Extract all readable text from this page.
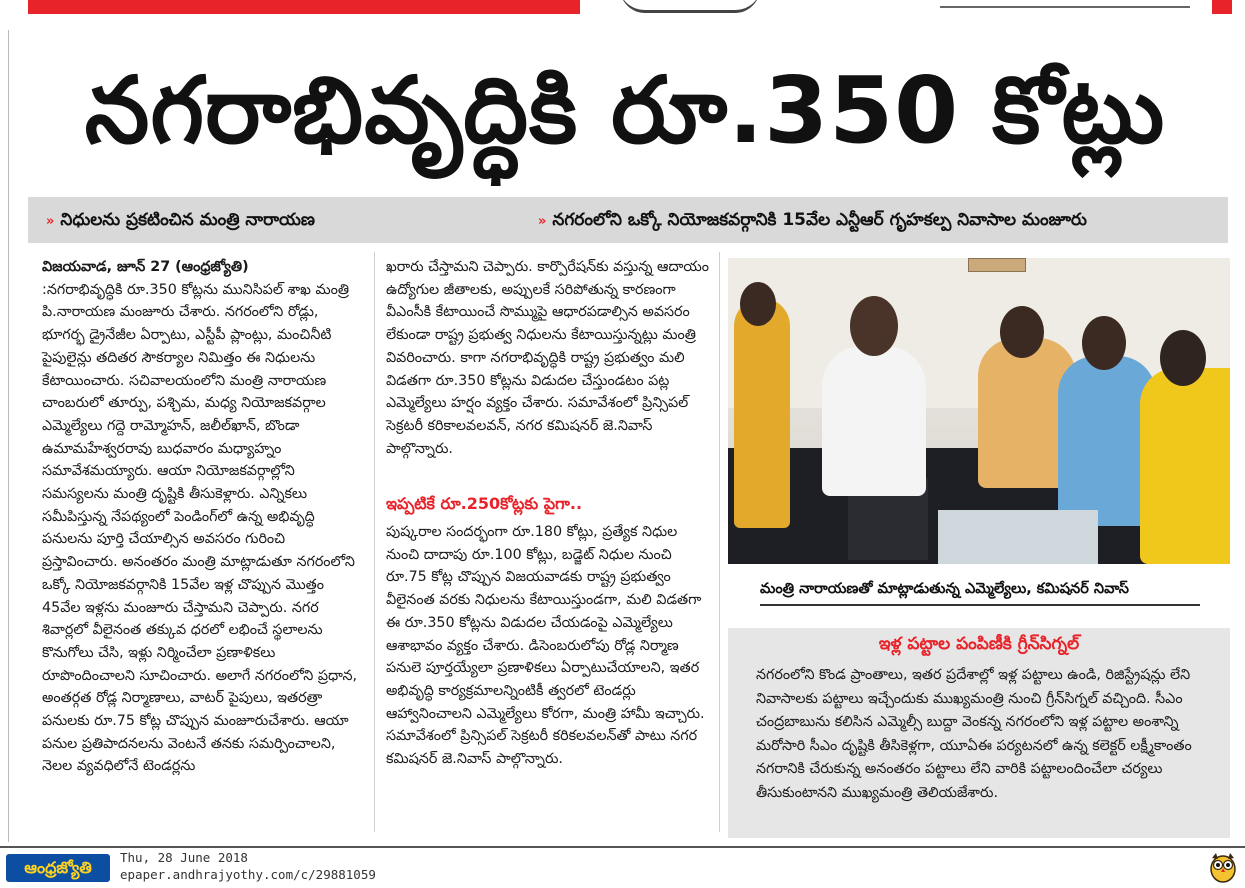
నగరాభివృద్ధికి రూ.350 కోట్లు
» నిధులను ప్రకటించిన మంత్రి నారాయణ	» నగరంలోని ఒక్కో నియోజకవర్గానికి 15వేల ఎన్టీఆర్ గృహకల్ప నివాసాల మంజూరు

విజయవాడ, జూన్ 27 (ఆంధ్రజ్యోతి)
:నగరాభివృద్ధికి రూ.350 కోట్లను మునిసిపల్ శాఖ మంత్రి పి.నారాయణ మంజూరు చేశారు. నగరంలోని రోడ్లు, భూగర్భ డ్రైనేజీల ఏర్పాటు, ఎస్టీపీ ప్లాంట్లు, మంచినీటి పైపులైన్లు తదితర సౌకర్యాల నిమిత్తం ఈ నిధులను కేటాయించారు. సచివాలయంలోని మంత్రి నారాయణ చాంబరులో తూర్పు, పశ్చిమ, మధ్య నియోజకవర్గాల ఎమ్మెల్యేలు గద్దె రామ్మోహన్, జలీల్‌ఖాన్, బొండా ఉమామహేశ్వరరావు బుధవారం మధ్యాహ్నం సమావేశమయ్యారు. ఆయా నియోజకవర్గాల్లోని సమస్యలను మంత్రి దృష్టికి తీసుకెళ్లారు. ఎన్నికలు సమీపిస్తున్న నేపథ్యంలో పెండింగ్‌లో ఉన్న అభివృద్ధి పనులను పూర్తి చేయాల్సిన అవసరం గురించి ప్రస్తావించారు. అనంతరం మంత్రి మాట్లాడుతూ నగరంలోని ఒక్కో నియోజకవర్గానికి 15వేల ఇళ్ల చొప్పున మొత్తం 45వేల ఇళ్లను మంజూరు చేస్తామని చెప్పారు. నగర శివార్లలో వీలైనంత తక్కువ ధరలో లభించే స్థలాలను కొనుగోలు చేసి, ఇళ్లు నిర్మించేలా ప్రణాళికలు రూపొందించాలని సూచించారు. అలాగే నగరంలోని ప్రధాన, అంతర్గత రోడ్ల నిర్మాణాలు, వాటర్ పైపులు, ఇతరత్రా పనులకు రూ.75 కోట్ల చొప్పున మంజూరుచేశారు. ఆయా పనుల ప్రతిపాదనలను వెంటనే తనకు సమర్పించాలని, నెలల వ్యవధిలోనే టెండర్లను

ఖరారు చేస్తామని చెప్పారు. కార్పొరేషన్‌కు వస్తున్న ఆదాయం ఉద్యోగుల జీతాలకు, అప్పులకే సరిపోతున్న కారణంగా వీఎంసీకి కేటాయించే సొమ్ముపై ఆధారపడాల్సిన అవసరం లేకుండా రాష్ట్ర ప్రభుత్వ నిధులను కేటాయిస్తున్నట్లు మంత్రి వివరించారు. కాగా నగరాభివృద్ధికి రాష్ట్ర ప్రభుత్వం మలి విడతగా రూ.350 కోట్లను విడుదల చేస్తుండటం పట్ల ఎమ్మెల్యేలు హర్షం వ్యక్తం చేశారు. సమావేశంలో ప్రిన్సిపల్ సెక్రటరీ కరికాలవలవన్, నగర కమిషనర్ జె.నివాస్ పాల్గొన్నారు.

ఇప్పటికే రూ.250కోట్లకు పైగా..

పుష్కరాల సందర్భంగా రూ.180 కోట్లు, ప్రత్యేక నిధుల నుంచి దాదాపు రూ.100 కోట్లు, బడ్జెట్ నిధుల నుంచి రూ.75 కోట్ల చొప్పున విజయవాడకు రాష్ట్ర ప్రభుత్వం వీలైనంత వరకు నిధులను కేటాయిస్తుండగా, మలి విడతగా ఈ రూ.350 కోట్లను విడుదల చేయడంపై ఎమ్మెల్యేలు ఆశాభావం వ్యక్తం చేశారు. డిసెంబరులోపు రోడ్ల నిర్మాణ పనులె పూర్తయ్యేలా ప్రణాళికలు ఏర్పాటుచేయాలని, ఇతర అభివృద్ధి కార్యక్రమాలన్నింటికీ త్వరలో టెండర్లు ఆహ్వానించాలని ఎమ్మెల్యేలు కోరగా, మంత్రి హామీ ఇచ్చారు. సమావేశంలో ప్రిన్సిపల్ సెక్రటరీ కరికలవలన్‌తో పాటు నగర కమిషనర్ జె.నివాస్ పాల్గొన్నారు.

మంత్రి నారాయణతో మాట్లాడుతున్న ఎమ్మెల్యేలు, కమిషనర్ నివాస్
ఇళ్ల పట్టాల పంపిణీకి గ్రీన్‌సిగ్నల్
నగరంలోని కొండ ప్రాంతాలు, ఇతర ప్రదేశాల్లో ఇళ్ల పట్టాలు ఉండి, రిజిస్ట్రేషన్లు లేని నివాసాలకు పట్టాలు ఇచ్చేందుకు ముఖ్యమంత్రి నుంచి గ్రీన్‌సిగ్నల్ వచ్చింది. సీఎం చంద్రబాబును కలిసిన ఎమ్మెల్సీ బుద్దా వెంకన్న నగరంలోని ఇళ్ల పట్టాల అంశాన్ని మరోసారి సీఎం దృష్టికి తీసికెళ్లగా, యూఏఈ పర్యటనలో ఉన్న కలెక్టర్ లక్ష్మీకాంతం నగరానికి చేరుకున్న అనంతరం పట్టాలు లేని వారికి పట్టాలందించేలా చర్యలు తీసుకుంటానని ముఖ్యమంత్రి తెలియజేశారు.
ఆంధ్రజ్యోతి
Thu, 28 June 2018
epaper.andhrajyothy.com/c/29881059
